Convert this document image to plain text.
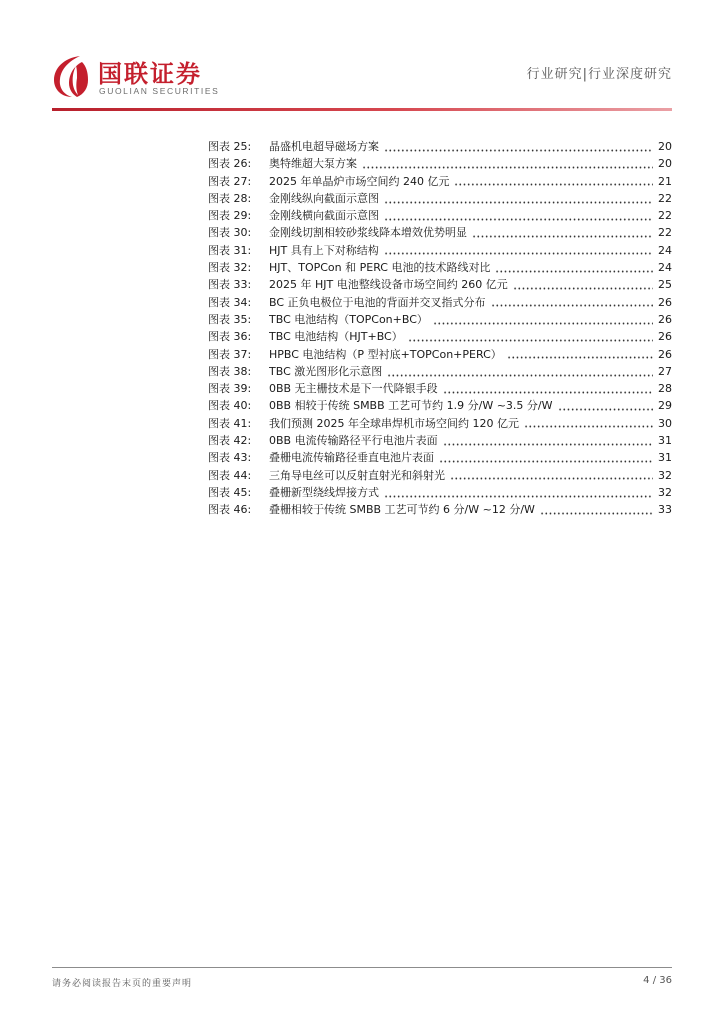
国联证券
GUOLIAN SECURITIES
行业研究|行业深度研究
图表 25:	晶盛机电超导磁场方案	20
图表 26:	奥特维超大泵方案	20
图表 27:	2025 年单晶炉市场空间约 240 亿元	21
图表 28:	金刚线纵向截面示意图	22
图表 29:	金刚线横向截面示意图	22
图表 30:	金刚线切割相较砂浆线降本增效优势明显	22
图表 31:	HJT 具有上下对称结构	24
图表 32:	HJT、TOPCon 和 PERC 电池的技术路线对比	24
图表 33:	2025 年 HJT 电池整线设备市场空间约 260 亿元	25
图表 34:	BC 正负电极位于电池的背面并交叉指式分布	26
图表 35:	TBC 电池结构（TOPCon+BC）	26
图表 36:	TBC 电池结构（HJT+BC）	26
图表 37:	HPBC 电池结构（P 型衬底+TOPCon+PERC）	26
图表 38:	TBC 激光图形化示意图	27
图表 39:	0BB 无主栅技术是下一代降银手段	28
图表 40:	0BB 相较于传统 SMBB 工艺可节约 1.9 分/W ~3.5 分/W	29
图表 41:	我们预测 2025 年全球串焊机市场空间约 120 亿元	30
图表 42:	0BB 电流传输路径平行电池片表面	31
图表 43:	叠栅电流传输路径垂直电池片表面	31
图表 44:	三角导电丝可以反射直射光和斜射光	32
图表 45:	叠栅新型绕线焊接方式	32
图表 46:	叠栅相较于传统 SMBB 工艺可节约 6 分/W ~12 分/W	33
请务必阅读报告末页的重要声明	4 / 36
